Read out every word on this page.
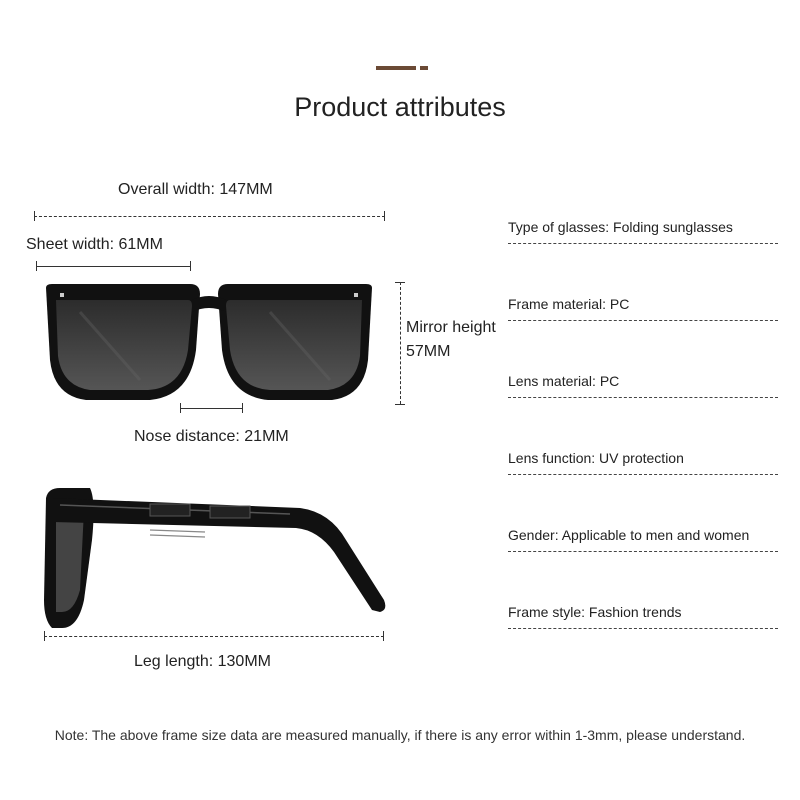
Product attributes
Overall width: 147MM
Sheet width: 61MM
Mirror height
57MM
Nose distance: 21MM
Leg length: 130MM
Type of glasses: Folding sunglasses
Frame material: PC
Lens material: PC
Lens function: UV protection
Gender: Applicable to men and women
Frame style: Fashion trends
Note: The above frame size data are measured manually, if there is any error within 1-3mm, please understand.
